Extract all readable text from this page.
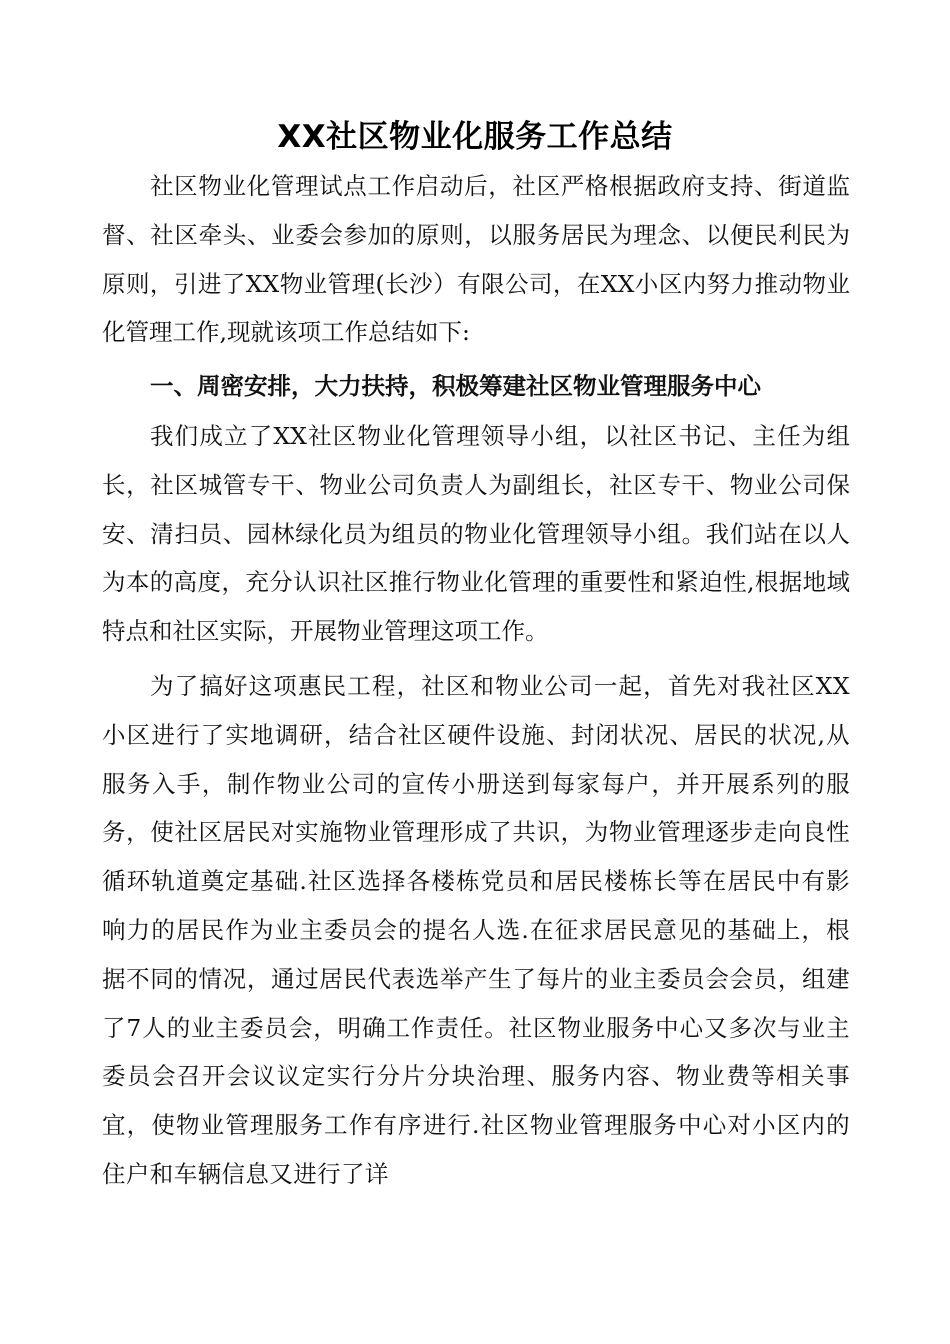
XX社区物业化服务工作总结

社区物业化管理试点工作启动后，社区严格根据政府支持、街道监督、社区牵头、业委会参加的原则，以服务居民为理念、以便民利民为原则，引进了XX物业管理(长沙）有限公司，在XX小区内努力推动物业化管理工作,现就该项工作总结如下:

一、周密安排，大力扶持，积极筹建社区物业管理服务中心

我们成立了XX社区物业化管理领导小组，以社区书记、主任为组长，社区城管专干、物业公司负责人为副组长，社区专干、物业公司保安、清扫员、园林绿化员为组员的物业化管理领导小组。我们站在以人为本的高度，充分认识社区推行物业化管理的重要性和紧迫性,根据地域特点和社区实际，开展物业管理这项工作。

为了搞好这项惠民工程，社区和物业公司一起，首先对我社区XX小区进行了实地调研，结合社区硬件设施、封闭状况、居民的状况,从服务入手，制作物业公司的宣传小册送到每家每户，并开展系列的服务，使社区居民对实施物业管理形成了共识，为物业管理逐步走向良性循环轨道奠定基础.社区选择各楼栋党员和居民楼栋长等在居民中有影响力的居民作为业主委员会的提名人选.在征求居民意见的基础上，根据不同的情况，通过居民代表选举产生了每片的业主委员会会员，组建了7人的业主委员会，明确工作责任。社区物业服务中心又多次与业主委员会召开会议议定实行分片分块治理、服务内容、物业费等相关事宜，使物业管理服务工作有序进行.社区物业管理服务中心对小区内的住户和车辆信息又进行了详
